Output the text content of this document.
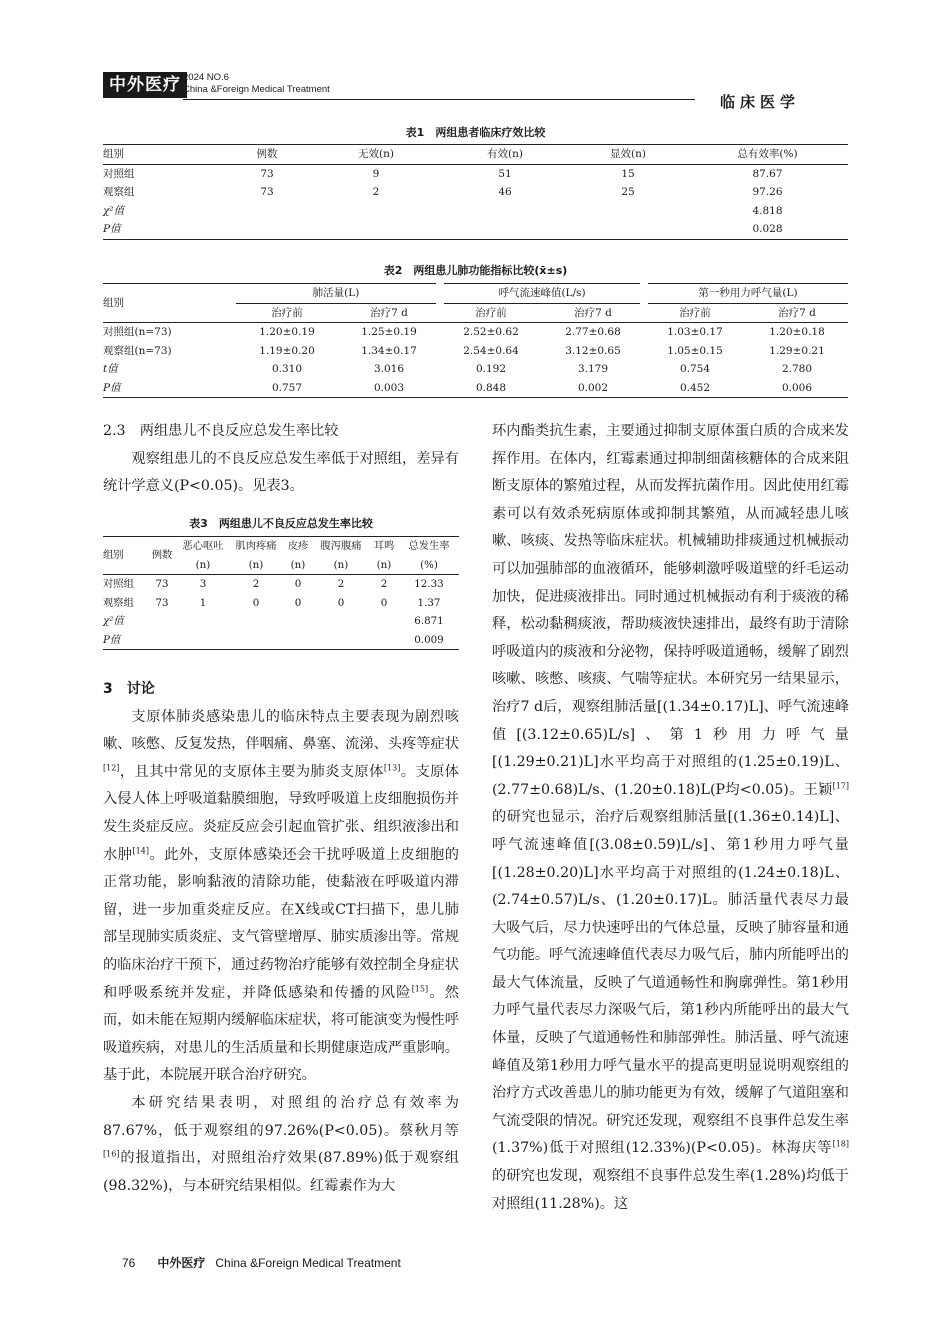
中外医疗 2024 NO.6
China &Foreign Medical Treatment
临床医学
表1　两组患者临床疗效比较
组别	例数	无效(n)	有效(n)	显效(n)	总有效率(%)
对照组	73	9	51	15	87.67
观察组	73	2	46	25	97.26
χ²值					4.818
P值					0.028
表2　两组患儿肺功能指标比较(x̄±s)
组别	肺活量(L)		呼气流速峰值(L/s)		第一秒用力呼气量(L)	
	治疗前	治疗7 d	治疗前	治疗7 d	治疗前	治疗7 d
对照组(n=73)	1.20±0.19	1.25±0.19	2.52±0.62	2.77±0.68	1.03±0.17	1.20±0.18
观察组(n=73)	1.19±0.20	1.34±0.17	2.54±0.64	3.12±0.65	1.05±0.15	1.29±0.21
t值	0.310	3.016	0.192	3.179	0.754	2.780
P值	0.757	0.003	0.848	0.002	0.452	0.006

2.3　两组患儿不良反应总发生率比较

观察组患儿的不良反应总发生率低于对照组，差异有统计学意义(P<0.05)。见表3。

表3　两组患儿不良反应总发生率比较
组别	例数	恶心呕吐	肌肉疼痛	皮疹	腹泻腹痛	耳鸣	总发生率
		(n)	(n)	(n)	(n)	(n)	(%)
对照组	73	3	2	0	2	2	12.33
观察组	73	1	0	0	0	0	1.37
χ²值							6.871
P值							0.009

3　讨论

支原体肺炎感染患儿的临床特点主要表现为剧烈咳嗽、咳憋、反复发热，伴咽痛、鼻塞、流涕、头疼等症状[12]，且其中常见的支原体主要为肺炎支原体[13]。支原体入侵人体上呼吸道黏膜细胞，导致呼吸道上皮细胞损伤并发生炎症反应。炎症反应会引起血管扩张、组织液渗出和水肿[14]。此外，支原体感染还会干扰呼吸道上皮细胞的正常功能，影响黏液的清除功能，使黏液在呼吸道内滞留，进一步加重炎症反应。在X线或CT扫描下，患儿肺部呈现肺实质炎症、支气管壁增厚、肺实质渗出等。常规的临床治疗干预下，通过药物治疗能够有效控制全身症状和呼吸系统并发症，并降低感染和传播的风险[15]。然而，如未能在短期内缓解临床症状，将可能演变为慢性呼吸道疾病，对患儿的生活质量和长期健康造成严重影响。基于此，本院展开联合治疗研究。

本研究结果表明，对照组的治疗总有效率为87.67%，低于观察组的97.26%(P<0.05)。蔡秋月等[16]的报道指出，对照组治疗效果(87.89%)低于观察组(98.32%)，与本研究结果相似。红霉素作为大

环内酯类抗生素，主要通过抑制支原体蛋白质的合成来发挥作用。在体内，红霉素通过抑制细菌核糖体的合成来阻断支原体的繁殖过程，从而发挥抗菌作用。因此使用红霉素可以有效杀死病原体或抑制其繁殖，从而减轻患儿咳嗽、咳痰、发热等临床症状。机械辅助排痰通过机械振动可以加强肺部的血液循环，能够刺激呼吸道壁的纤毛运动加快，促进痰液排出。同时通过机械振动有利于痰液的稀释，松动黏稠痰液，帮助痰液快速排出，最终有助于清除呼吸道内的痰液和分泌物，保持呼吸道通畅，缓解了剧烈咳嗽、咳憋、咳痰、气喘等症状。本研究另一结果显示，治疗7 d后，观察组肺活量[(1.34±0.17)L]、呼气流速峰值[(3.12±0.65)L/s]、第1秒用力呼气量[(1.29±0.21)L]水平均高于对照组的(1.25±0.19)L、(2.77±0.68)L/s、(1.20±0.18)L(P均<0.05)。王颖[17]的研究也显示，治疗后观察组肺活量[(1.36±0.14)L]、呼气流速峰值[(3.08±0.59)L/s]、第1秒用力呼气量[(1.28±0.20)L]水平均高于对照组的(1.24±0.18)L、(2.74±0.57)L/s、(1.20±0.17)L。肺活量代表尽力最大吸气后，尽力快速呼出的气体总量，反映了肺容量和通气功能。呼气流速峰值代表尽力吸气后，肺内所能呼出的最大气体流量，反映了气道通畅性和胸廓弹性。第1秒用力呼气量代表尽力深吸气后，第1秒内所能呼出的最大气体量，反映了气道通畅性和肺部弹性。肺活量、呼气流速峰值及第1秒用力呼气量水平的提高更明显说明观察组的治疗方式改善患儿的肺功能更为有效，缓解了气道阻塞和气流受限的情况。研究还发现，观察组不良事件总发生率(1.37%)低于对照组(12.33%)(P<0.05)。林海庆等[18]的研究也发现，观察组不良事件总发生率(1.28%)均低于对照组(11.28%)。这

76 中外医疗 China &Foreign Medical Treatment
